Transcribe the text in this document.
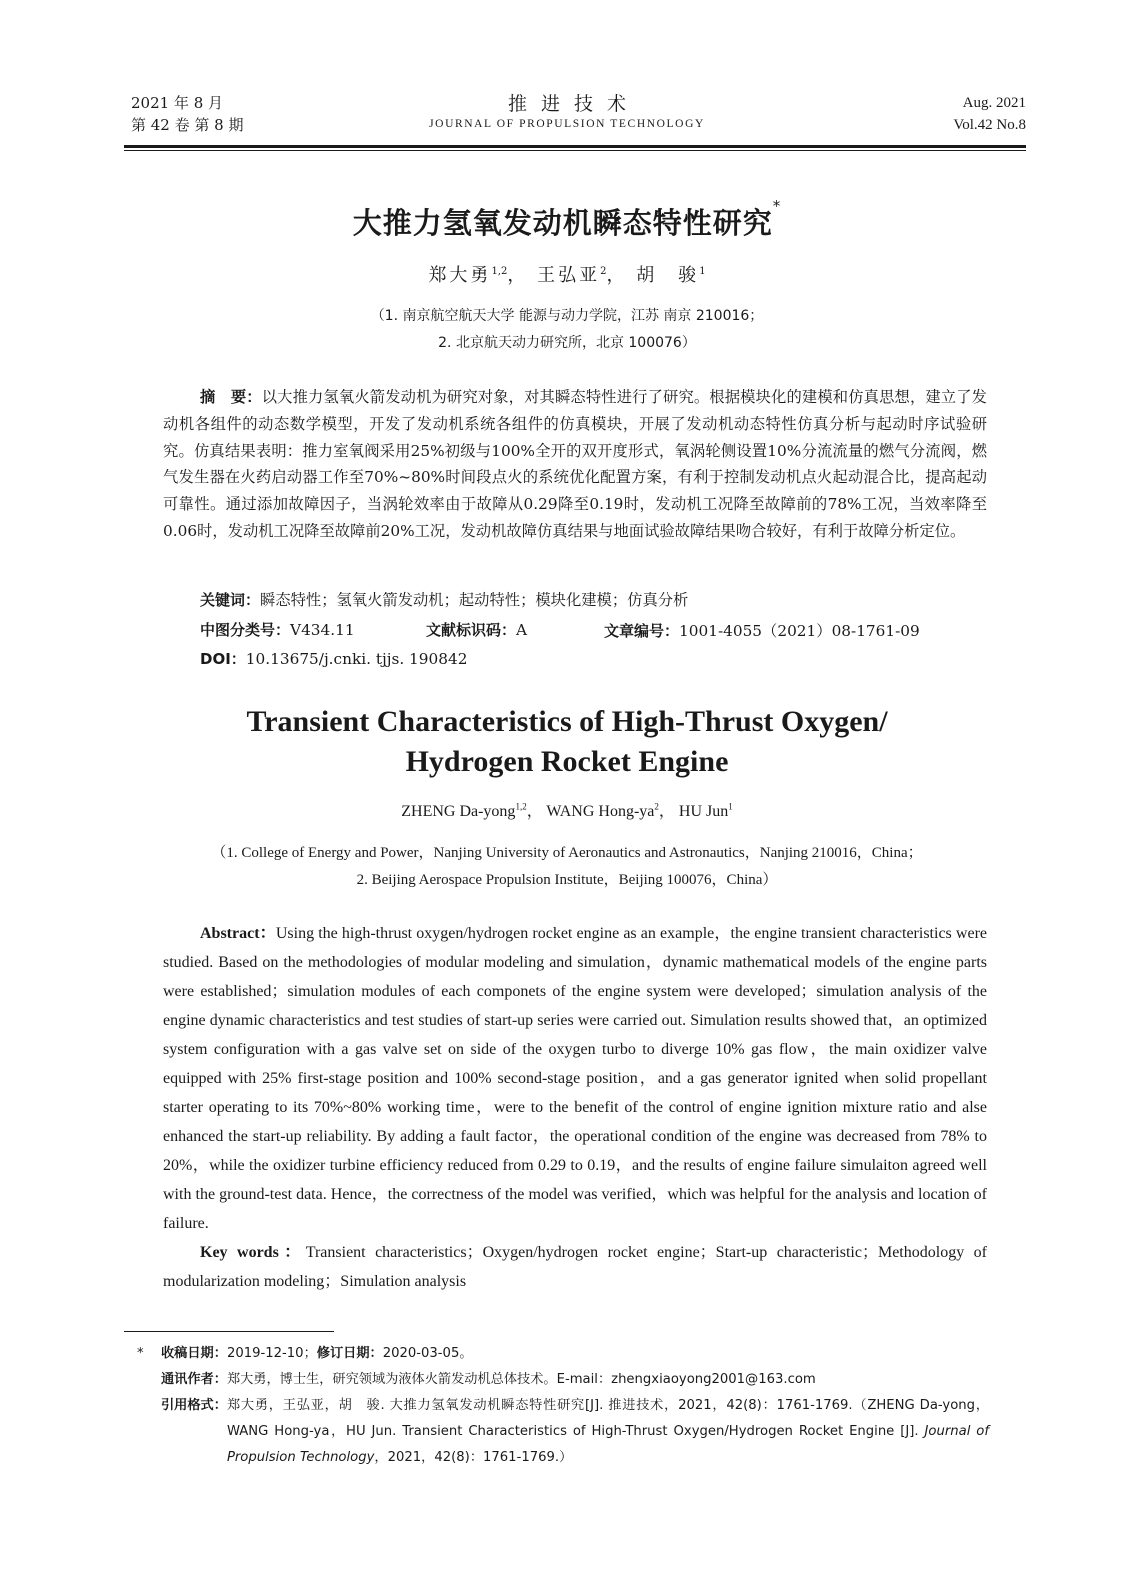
2021 年 8 月
第 42 卷 第 8 期
推进技术
JOURNAL OF PROPULSION TECHNOLOGY
Aug. 2021
Vol.42 No.8
大推力氢氧发动机瞬态特性研究*
郑大勇$^{1,2}$， 王弘亚$^2$， 胡　骏$^1$
（1. 南京航空航天大学 能源与动力学院，江苏 南京 210016；
2. 北京航天动力研究所，北京 100076）

摘　要：以大推力氢氧火箭发动机为研究对象，对其瞬态特性进行了研究。根据模块化的建模和仿真思想，建立了发动机各组件的动态数学模型，开发了发动机系统各组件的仿真模块，开展了发动机动态特性仿真分析与起动时序试验研究。仿真结果表明：推力室氧阀采用25%初级与100%全开的双开度形式，氧涡轮侧设置10%分流流量的燃气分流阀，燃气发生器在火药启动器工作至70%~80%时间段点火的系统优化配置方案，有利于控制发动机点火起动混合比，提高起动可靠性。通过添加故障因子，当涡轮效率由于故障从0.29降至0.19时，发动机工况降至故障前的78%工况，当效率降至0.06时，发动机工况降至故障前20%工况，发动机故障仿真结果与地面试验故障结果吻合较好，有利于故障分析定位。

关键词：瞬态特性；氢氧火箭发动机；起动特性；模块化建模；仿真分析
中图分类号：V434.11	文献标识码：A	文章编号：1001-4055（2021）08-1761-09
DOI：10.13675/j.cnki. tjjs. 190842
Transient Characteristics of High-Thrust Oxygen/
Hydrogen Rocket Engine
ZHENG Da-yong$^{1,2}$， WANG Hong-$ya^2$， HU Jun$^1$
（1. College of Energy and Power，Nanjing University of Aeronautics and Astronautics，Nanjing 210016，China；
2. Beijing Aerospace Propulsion Institute，Beijing 100076，China）

Abstract：Using the high-thrust oxygen/hydrogen rocket engine as an example，the engine transient characteristics were studied. Based on the methodologies of modular modeling and simulation，dynamic mathematical models of the engine parts were established；simulation modules of each componets of the engine system were developed；simulation analysis of the engine dynamic characteristics and test studies of start-up series were carried out. Simulation results showed that，an optimized system configuration with a gas valve set on side of the oxygen turbo to diverge 10% gas flow，the main oxidizer valve equipped with 25% first-stage position and 100% second-stage position，and a gas generator ignited when solid propellant starter operating to its 70%~80% working time，were to the benefit of the control of engine ignition mixture ratio and alse enhanced the start-up reliability. By adding a fault factor，the operational condition of the engine was decreased from 78% to 20%，while the oxidizer turbine efficiency reduced from 0.29 to 0.19，and the results of engine failure simulaiton agreed well with the ground-test data. Hence，the correctness of the model was verified，which was helpful for the analysis and location of failure.

Key words：Transient characteristics；Oxygen/hydrogen rocket engine；Start-up characteristic；Methodology of modularization modeling；Simulation analysis

*	收稿日期： 2019-12-10； 修订日期： 2020-03-05。
通讯作者： 郑大勇，博士生，研究领域为液体火箭发动机总体技术。E-mail：zhengxiaoyong2001@163.com
引用格式： 郑大勇，王弘亚，胡　骏. 大推力氢氧发动机瞬态特性研究[J]. 推进技术，2021，42(8)：1761-1769.（ZHENG Da-yong，WANG Hong-ya，HU Jun. Transient Characteristics of High-Thrust Oxygen/Hydrogen Rocket Engine [J]. Journal of Propulsion Technology，2021，42(8)：1761-1769.）
